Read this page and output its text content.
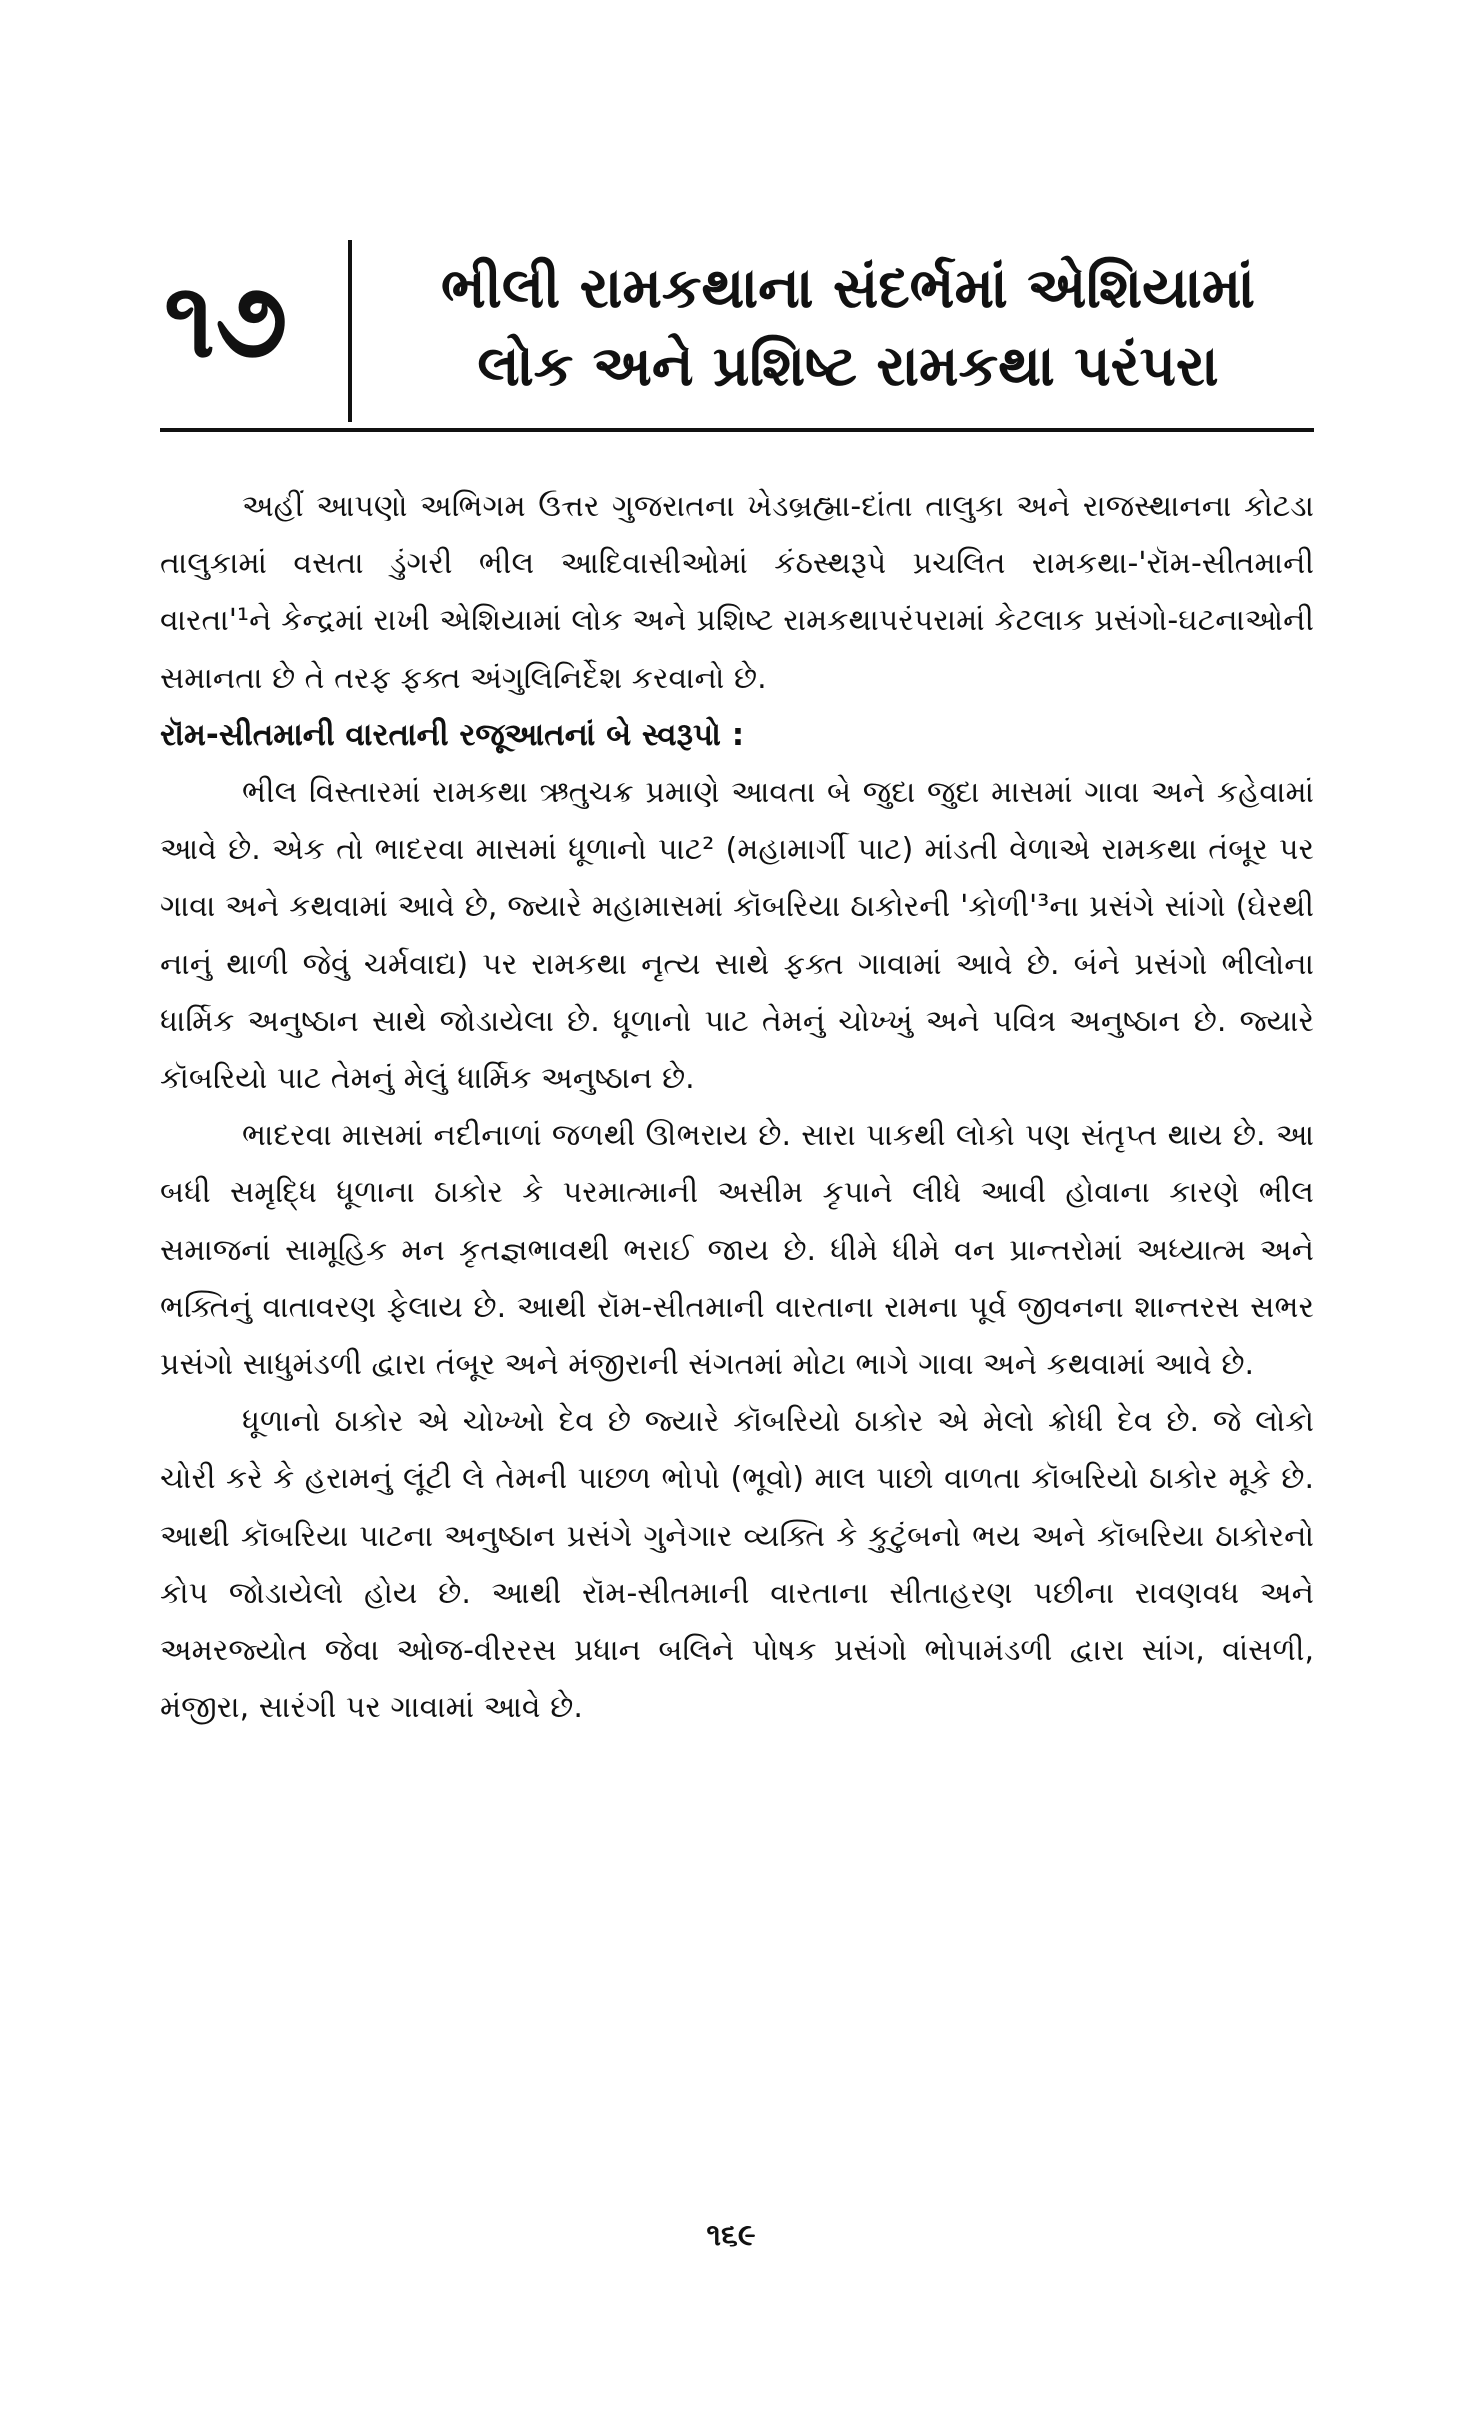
૧૭	ભીલી રામકથાના સંદર્ભમાં એશિયામાં
લોક અને પ્રશિષ્ટ રામકથા પરંપરા

અહીં આપણો અભિગમ ઉત્તર ગુજરાતના ખેડબ્રહ્મા-દાંતા તાલુકા અને રાજસ્થાનના કોટડા તાલુકામાં વસતા ડુંગરી ભીલ આદિવાસીઓમાં કંઠસ્થરૂપે પ્રચલિત રામકથા-'રૉમ-સીતમાની વારતા'¹ને કેન્દ્રમાં રાખી એશિયામાં લોક અને પ્રશિષ્ટ રામકથાપરંપરામાં કેટલાક પ્રસંગો-ઘટનાઓની સમાનતા છે તે તરફ ફક્ત અંગુલિનિર્દેશ કરવાનો છે.

રૉમ-સીતમાની વારતાની રજૂઆતનાં બે સ્વરૂપો :

ભીલ વિસ્તારમાં રામકથા ઋતુચક્ર પ્રમાણે આવતા બે જુદા જુદા માસમાં ગાવા અને કહેવામાં આવે છે. એક તો ભાદરવા માસમાં ધૂળાનો પાટ² (મહામાર્ગી પાટ) માંડતી વેળાએ રામકથા તંબૂર પર ગાવા અને કથવામાં આવે છે, જ્યારે મહામાસમાં કૉબરિયા ઠાકોરની 'કોળી'³ના પ્રસંગે સાંગો (ઘેરથી નાનું થાળી જેવું ચર્મવાદ્ય) પર રામકથા નૃત્ય સાથે ફક્ત ગાવામાં આવે છે. બંને પ્રસંગો ભીલોના ધાર્મિક અનુષ્ઠાન સાથે જોડાયેલા છે. ધૂળાનો પાટ તેમનું ચોખ્ખું અને પવિત્ર અનુષ્ઠાન છે. જ્યારે કૉબરિયો પાટ તેમનું મેલું ધાર્મિક અનુષ્ઠાન છે.

ભાદરવા માસમાં નદીનાળાં જળથી ઊભરાય છે. સારા પાકથી લોકો પણ સંતૃપ્ત થાય છે. આ બધી સમૃદ્ધિ ધૂળાના ઠાકોર કે પરમાત્માની અસીમ કૃપાને લીધે આવી હોવાના કારણે ભીલ સમાજનાં સામૂહિક મન કૃતજ્ઞભાવથી ભરાઈ જાય છે. ધીમે ધીમે વન પ્રાન્તરોમાં અધ્યાત્મ અને ભક્તિનું વાતાવરણ ફેલાય છે. આથી રૉમ-સીતમાની વારતાના રામના પૂર્વ જીવનના શાન્તરસ સભર પ્રસંગો સાધુમંડળી દ્વારા તંબૂર અને મંજીરાની સંગતમાં મોટા ભાગે ગાવા અને કથવામાં આવે છે.

ધૂળાનો ઠાકોર એ ચોખ્ખો દેવ છે જ્યારે કૉબરિયો ઠાકોર એ મેલો ક્રોધી દેવ છે. જે લોકો ચોરી કરે કે હરામનું લૂંટી લે તેમની પાછળ ભોપો (ભૂવો) માલ પાછો વાળતા કૉબરિયો ઠાકોર મૂકે છે. આથી કૉબરિયા પાટના અનુષ્ઠાન પ્રસંગે ગુનેગાર વ્યક્તિ કે કુટુંબનો ભય અને કૉબરિયા ઠાકોરનો કોપ જોડાયેલો હોય છે. આથી રૉમ-સીતમાની વારતાના સીતાહરણ પછીના રાવણવધ અને અમરજ્યોત જેવા ઓજ-વીરરસ પ્રધાન બલિને પોષક પ્રસંગો ભોપામંડળી દ્વારા સાંગ, વાંસળી, મંજીરા, સારંગી પર ગાવામાં આવે છે.

૧૬૯
